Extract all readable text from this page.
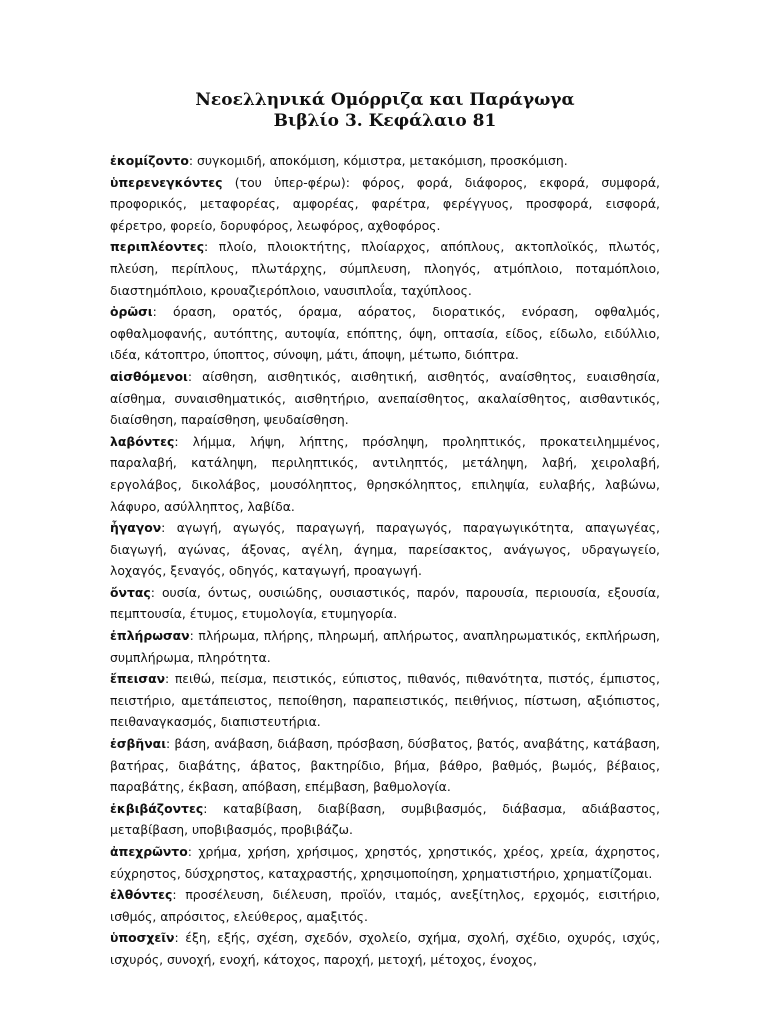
Νεοελληνικά Ομόρριζα και Παράγωγα

Βιβλίο 3. Κεφάλαιο 81

ἐκομίζοντο: συγκομιδή, αποκόμιση, κόμιστρα, μετακόμιση, προσκόμιση.

ὑπερενεγκόντες (του ὑπερ-φέρω): φόρος, φορά, διάφορος, εκφορά, συμφορά, προφορικός, μεταφορέας, αμφορέας, φαρέτρα, φερέγγυος, προσφορά, εισφορά, φέρετρο, φορείο, δορυφόρος, λεωφόρος, αχθοφόρος.

περιπλέοντες: πλοίο, πλοιοκτήτης, πλοίαρχος, απόπλους, ακτοπλοϊκός, πλωτός, πλεύση, περίπλους, πλωτάρχης, σύμπλευση, πλοηγός, ατμόπλοιο, ποταμόπλοιο, διαστημόπλοιο, κρουαζιερόπλοιο, ναυσιπλοΐα, ταχύπλοος.

ὁρῶσι: όραση, ορατός, όραμα, αόρατος, διορατικός, ενόραση, οφθαλμός, οφθαλμοφανής, αυτόπτης, αυτοψία, επόπτης, όψη, οπτασία, είδος, είδωλο, ειδύλλιο, ιδέα, κάτοπτρο, ύποπτος, σύνοψη, μάτι, άποψη, μέτωπο, διόπτρα.

αἰσθόμενοι: αίσθηση, αισθητικός, αισθητική, αισθητός, αναίσθητος, ευαισθησία, αίσθημα, συναισθηματικός, αισθητήριο, ανεπαίσθητος, ακαλαίσθητος, αισθαντικός, διαίσθηση, παραίσθηση, ψευδαίσθηση.

λαβόντες: λήμμα, λήψη, λήπτης, πρόσληψη, προληπτικός, προκατειλημμένος, παραλαβή, κατάληψη, περιληπτικός, αντιληπτός, μετάληψη, λαβή, χειρολαβή, εργολάβος, δικολάβος, μουσόληπτος, θρησκόληπτος, επιληψία, ευλαβής, λαβώνω, λάφυρο, ασύλληπτος, λαβίδα.

ἦγαγον: αγωγή, αγωγός, παραγωγή, παραγωγός, παραγωγικότητα, απαγωγέας, διαγωγή, αγώνας, άξονας, αγέλη, άγημα, παρείσακτος, ανάγωγος, υδραγωγείο, λοχαγός, ξεναγός, οδηγός, καταγωγή, προαγωγή.

ὄντας: ουσία, όντως, ουσιώδης, ουσιαστικός, παρόν, παρουσία, περιουσία, εξουσία, πεμπτουσία, έτυμος, ετυμολογία, ετυμηγορία.

ἐπλήρωσαν: πλήρωμα, πλήρης, πληρωμή, απλήρωτος, αναπληρωματικός, εκπλήρωση, συμπλήρωμα, πληρότητα.

ἔπεισαν: πειθώ, πείσμα, πειστικός, εύπιστος, πιθανός, πιθανότητα, πιστός, έμπιστος, πειστήριο, αμετάπειστος, πεποίθηση, παραπειστικός, πειθήνιος, πίστωση, αξιόπιστος, πειθαναγκασμός, διαπιστευτήρια.

ἐσβῆναι: βάση, ανάβαση, διάβαση, πρόσβαση, δύσβατος, βατός, αναβάτης, κατάβαση, βατήρας, διαβάτης, άβατος, βακτηρίδιο, βήμα, βάθρο, βαθμός, βωμός, βέβαιος, παραβάτης, έκβαση, απόβαση, επέμβαση, βαθμολογία.

ἐκβιβάζοντες: καταβίβαση, διαβίβαση, συμβιβασμός, διάβασμα, αδιάβαστος, μεταβίβαση, υποβιβασμός, προβιβάζω.

ἀπεχρῶντο: χρήμα, χρήση, χρήσιμος, χρηστός, χρηστικός, χρέος, χρεία, άχρηστος, εύχρηστος, δύσχρηστος, καταχραστής, χρησιμοποίηση, χρηματιστήριο, χρηματίζομαι.

ἐλθόντες: προσέλευση, διέλευση, προϊόν, ιταμός, ανεξίτηλος, ερχομός, εισιτήριο, ισθμός, απρόσιτος, ελεύθερος, αμαξιτός.

ὑποσχεῖν: έξη, εξής, σχέση, σχεδόν, σχολείο, σχήμα, σχολή, σχέδιο, οχυρός, ισχύς, ισχυρός, συνοχή, ενοχή, κάτοχος, παροχή, μετοχή, μέτοχος, ένοχος,
